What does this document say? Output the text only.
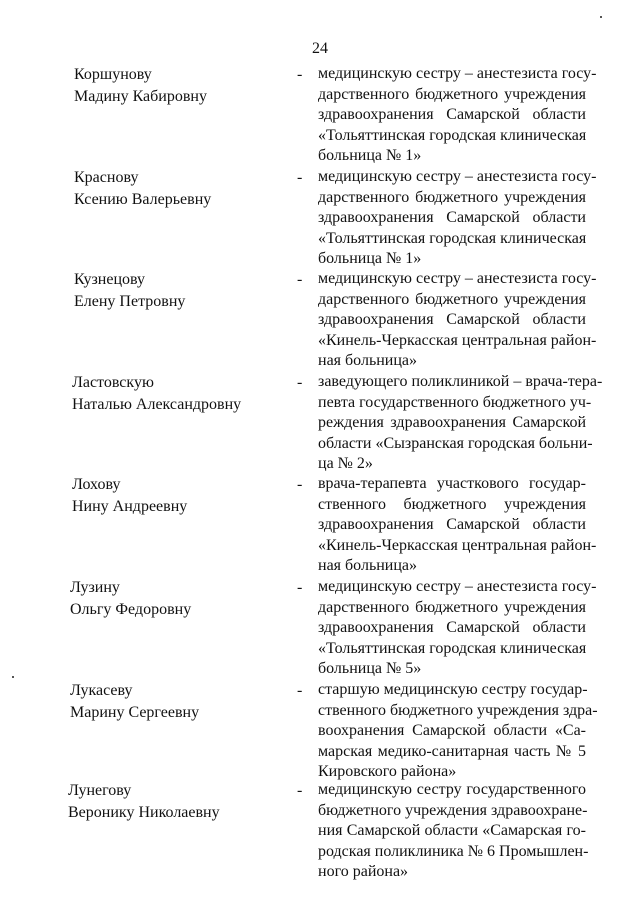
24
Коршунову
Мадину Кабировну
- медицинскую сестру – анестезиста госу-
дарственного бюджетного учреждения
здравоохранения Самарской области
«Тольяттинская городская клиническая
больница № 1»
Краснову
Ксению Валерьевну
- медицинскую сестру – анестезиста госу-
дарственного бюджетного учреждения
здравоохранения Самарской области
«Тольяттинская городская клиническая
больница № 1»
Кузнецову
Елену Петровну
- медицинскую сестру – анестезиста госу-
дарственного бюджетного учреждения
здравоохранения Самарской области
«Кинель-Черкасская центральная район-
ная больница»
Ластовскую
Наталью Александровну
- заведующего поликлиникой – врача-тера-
певта государственного бюджетного уч-
реждения здравоохранения Самарской
области «Сызранская городская больни-
ца № 2»
Лохову
Нину Андреевну
- врача-терапевта участкового государ-
ственного бюджетного учреждения
здравоохранения Самарской области
«Кинель-Черкасская центральная район-
ная больница»
Лузину
Ольгу Федоровну
- медицинскую сестру – анестезиста госу-
дарственного бюджетного учреждения
здравоохранения Самарской области
«Тольяттинская городская клиническая
больница № 5»
Лукасеву
Марину Сергеевну
- старшую медицинскую сестру государ-
ственного бюджетного учреждения здра-
воохранения Самарской области «Са-
марская медико-санитарная часть № 5
Кировского района»
Лунегову
Веронику Николаевну
- медицинскую сестру государственного
бюджетного учреждения здравоохране-
ния Самарской области «Самарская го-
родская поликлиника № 6 Промышлен-
ного района»
